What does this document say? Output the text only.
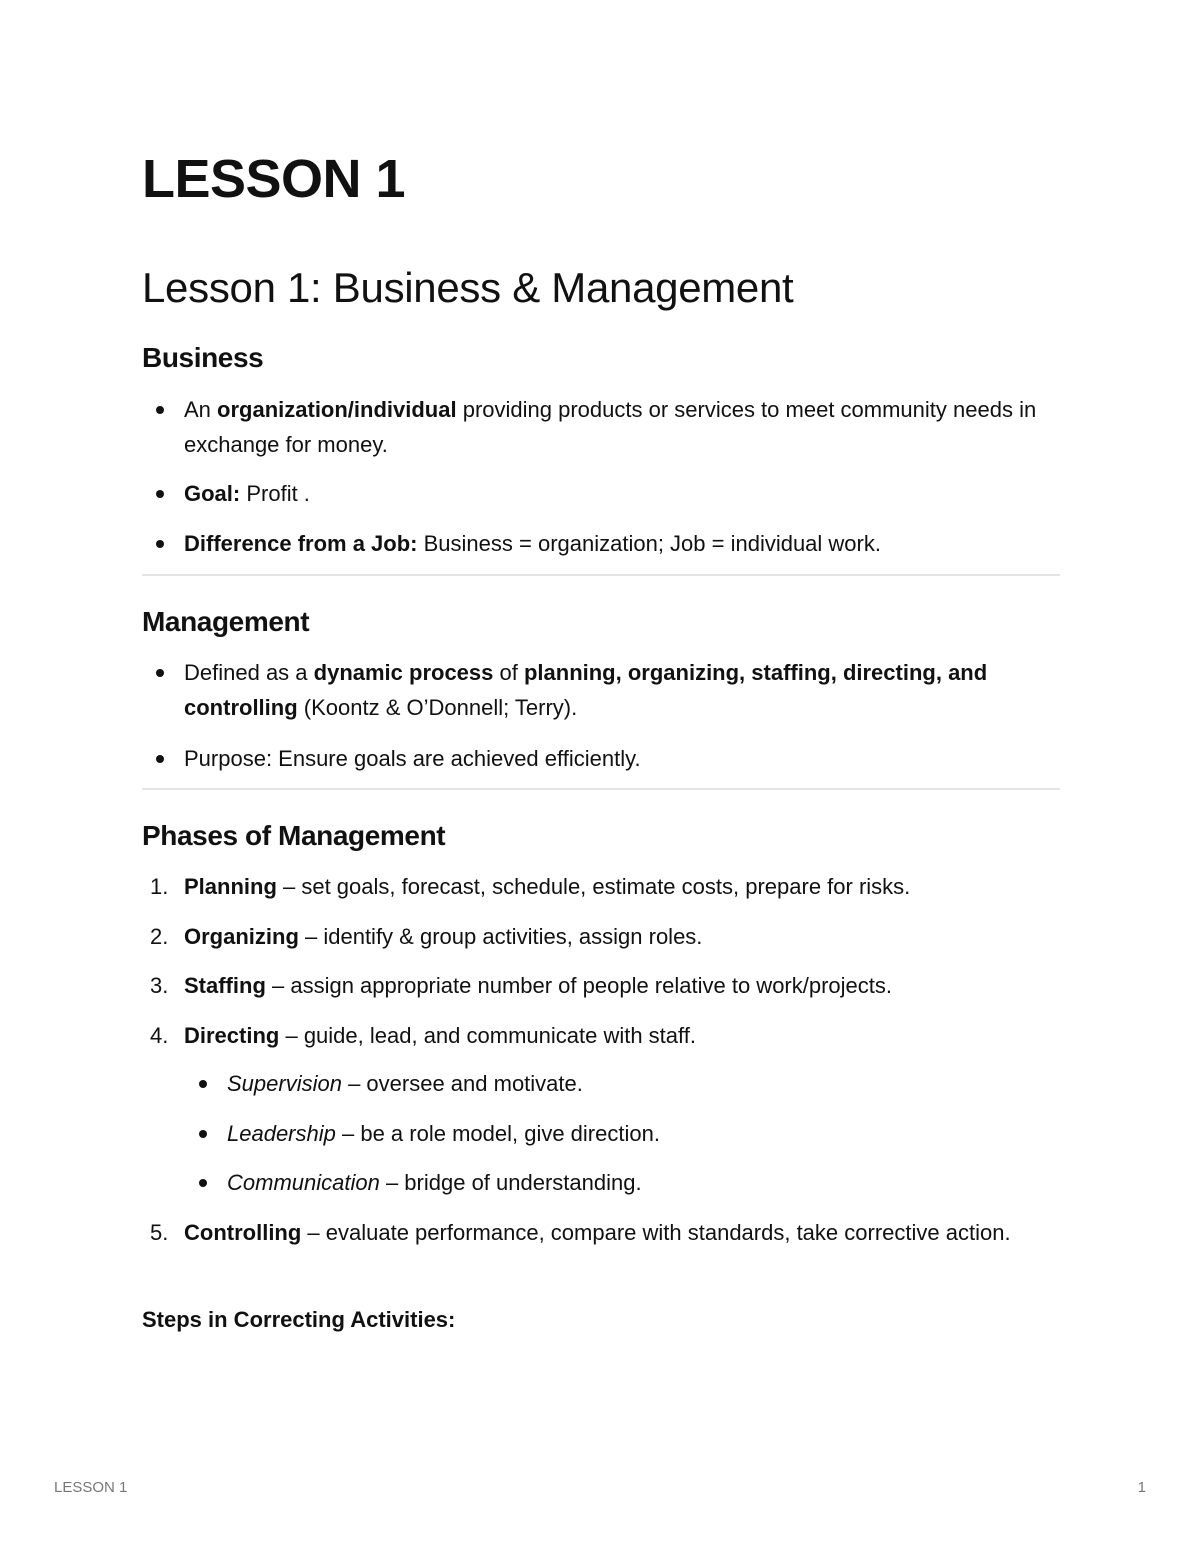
LESSON 1
Lesson 1: Business & Management
Business
An organization/individual providing products or services to meet community needs in exchange for money.
Goal: Profit .
Difference from a Job: Business = organization; Job = individual work.
Management
Defined as a dynamic process of planning, organizing, staffing, directing, and controlling (Koontz & O’Donnell; Terry).
Purpose: Ensure goals are achieved efficiently.
Phases of Management
1. Planning – set goals, forecast, schedule, estimate costs, prepare for risks.
2. Organizing – identify & group activities, assign roles.
3. Staffing – assign appropriate number of people relative to work/projects.
4. Directing – guide, lead, and communicate with staff.
Supervision – oversee and motivate.
Leadership – be a role model, give direction.
Communication – bridge of understanding.
5. Controlling – evaluate performance, compare with standards, take corrective action.
Steps in Correcting Activities:
LESSON 1	1
